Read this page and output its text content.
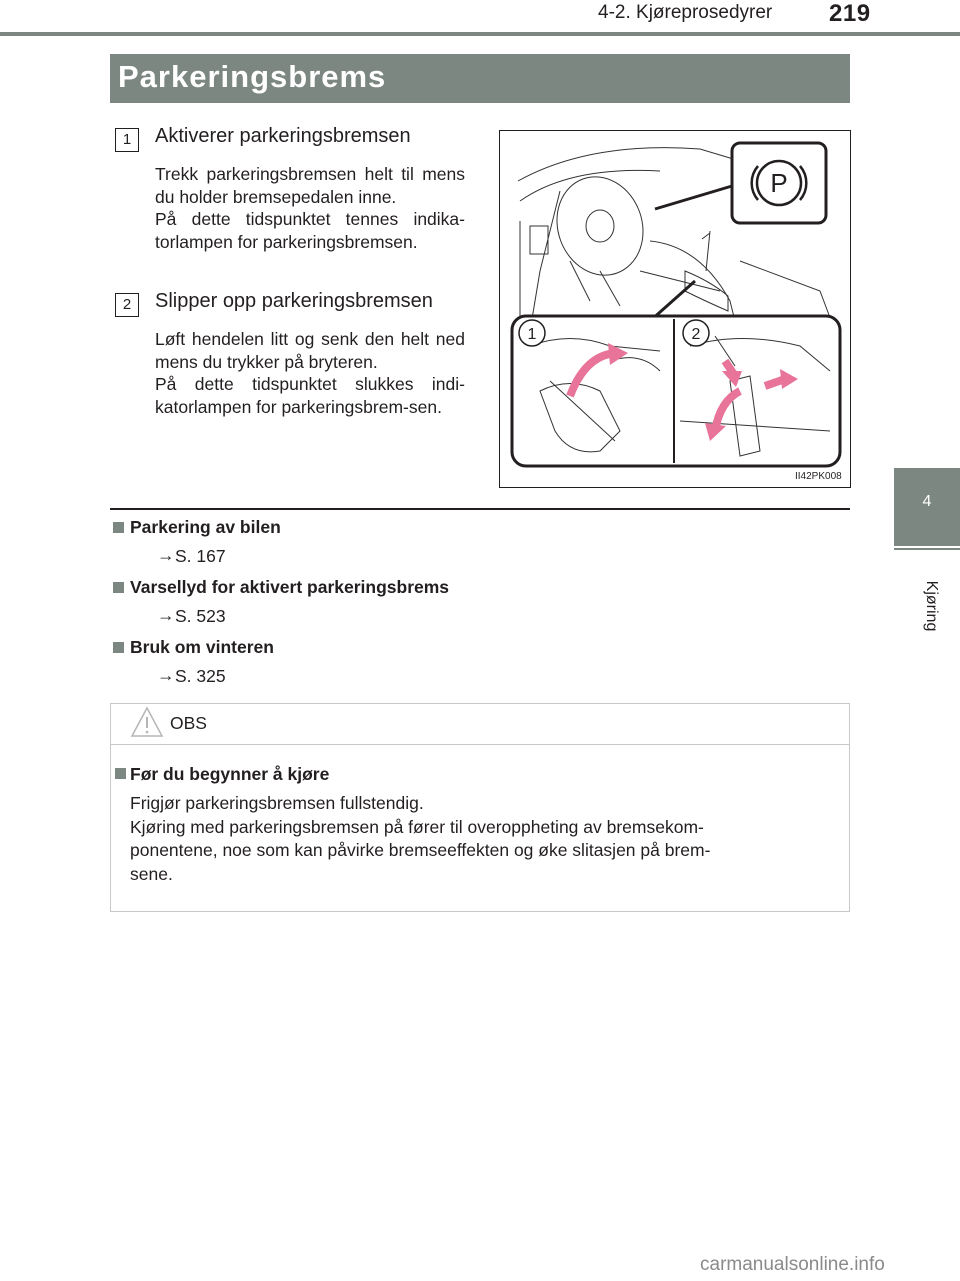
4-2. Kjøreprosedyrer 219
4
Kjøring
Parkeringsbrems
1	Aktiverer parkeringsbremsen
Trekk parkeringsbremsen helt til mens du holder bremsepedalen inne.
På dette tidspunktet tennes indika-torlampen for parkeringsbremsen.
2	Slipper opp parkeringsbremsen
Løft hendelen litt og senk den helt ned mens du trykker på bryteren.
På dette tidspunktet slukkes indi-katorlampen for parkeringsbrem-sen.
P
1	2
II42PK008
Parkering av bilen
→ S. 167
Varsellyd for aktivert parkeringsbrems
→ S. 523
Bruk om vinteren
→ S. 325
OBS
Før du begynner å kjøre
Frigjør parkeringsbremsen fullstendig.
Kjøring med parkeringsbremsen på fører til overoppheting av bremsekom-
ponentene, noe som kan påvirke bremseeffekten og øke slitasjen på brem-
sene.
carmanualsonline.info
